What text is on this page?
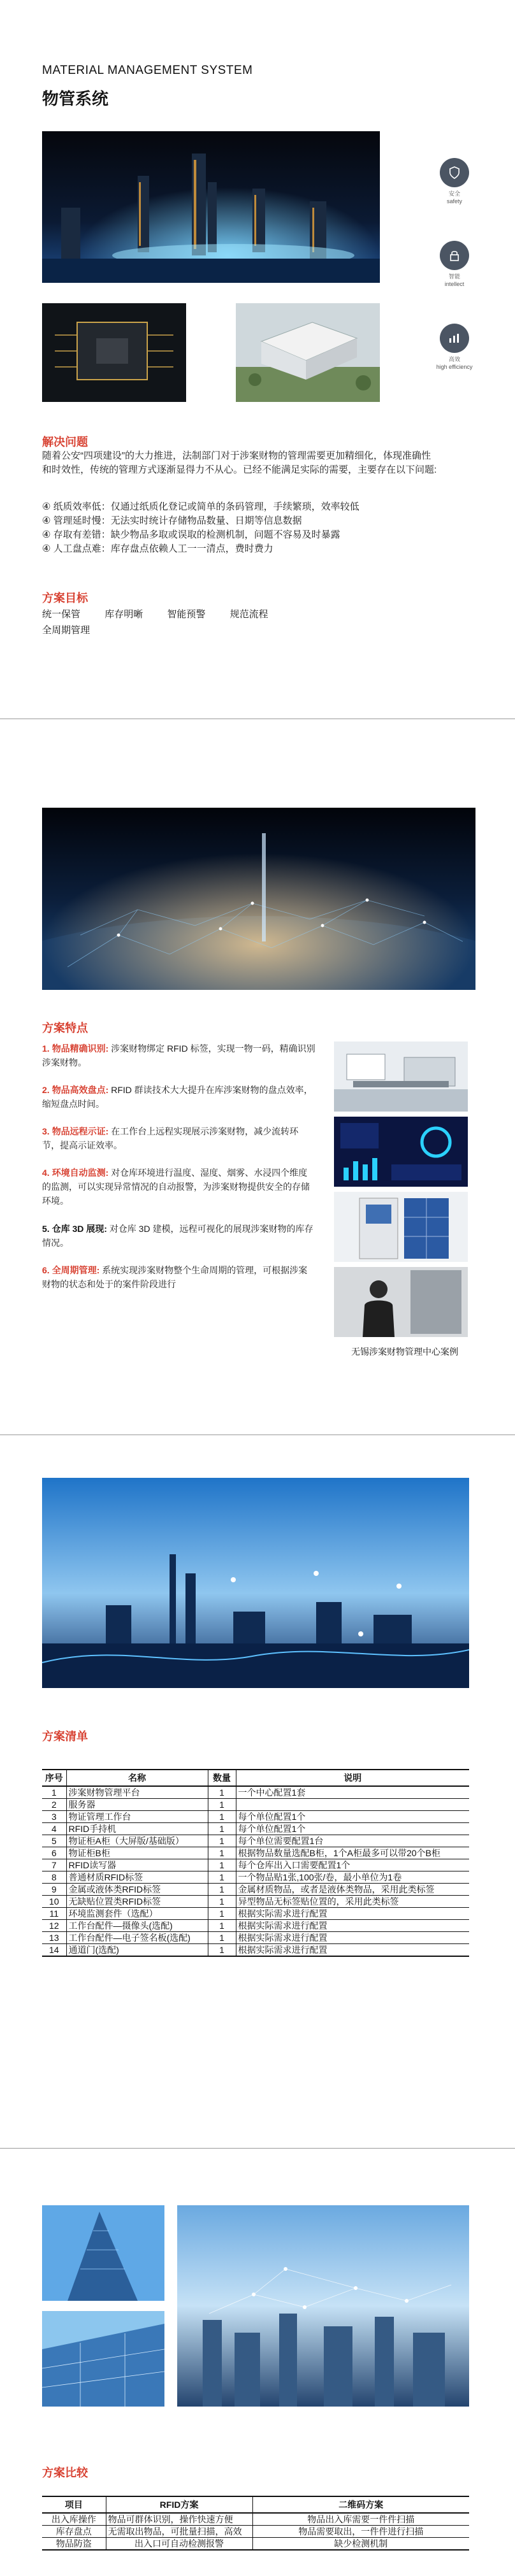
MATERIAL MANAGEMENT SYSTEM
物管系统
安全
safety
智能
intellect
高效
high efficiency
解决问题
随着公安“四项建设”的大力推进，法制部门对于涉案财物的管理需要更加精细化，体现准确性和时效性，传统的管理方式逐渐显得力不从心。已经不能满足实际的需要，主要存在以下问题:
④ 纸质效率低：仅通过纸质化登记或简单的条码管理，手续繁琐，效率较低
④ 管理延时慢：无法实时统计存储物品数量、日期等信息数据
④ 存取有差错：缺少物品多取或误取的检测机制，问题不容易及时暴露
④ 人工盘点难：库存盘点依赖人工一一清点，费时费力
方案目标
统一保管	库存明晰	智能预警	规范流程
全周期管理
方案特点
1. 物品精确识别: 涉案财物绑定 RFID 标签，实现一物一码，精确识别涉案财物。
2. 物品高效盘点: RFID 群读技术大大提升在库涉案财物的盘点效率，缩短盘点时间。
3. 物品远程示证: 在工作台上远程实现展示涉案财物，减少流转环节，提高示证效率。
4. 环境自动监测: 对仓库环境进行温度、湿度、烟雾、水浸四个维度的监测，可以实现异常情况的自动报警，为涉案财物提供安全的存储环境。
5. 仓库 3D 展现: 对仓库 3D 建模，远程可视化的展现涉案财物的库存情况。
6. 全周期管理: 系统实现涉案财物整个生命周期的管理，可根据涉案财物的状态和处于的案件阶段进行
无锡涉案财物管理中心案例
方案清单
序号	名称	数量	说明
1	涉案财物管理平台	1	一个中心配置1套
2	服务器	1	
3	物证管理工作台	1	每个单位配置1个
4	RFID手持机	1	每个单位配置1个
5	物证柜A柜（大屏版/基础版）	1	每个单位需要配置1台
6	物证柜B柜	1	根据物品数量选配B柜，1个A柜最多可以带20个B柜
7	RFID读写器	1	每个仓库出入口需要配置1个
8	普通材质RFID标签	1	一个物品贴1张,100张/卷，最小单位为1卷
9	金属或液体类RFID标签	1	金属材质物品，或者是液体类物品，采用此类标签
10	无缺贴位置类RFID标签	1	异型物品无标签贴位置的，采用此类标签
11	环境监测套件（选配）	1	根据实际需求进行配置
12	工作台配件—摄像头(选配)	1	根据实际需求进行配置
13	工作台配件—电子签名板(选配)	1	根据实际需求进行配置
14	通道门(选配)	1	根据实际需求进行配置
方案比较
项目	RFID方案	二维码方案
出入库操作	物品可群体识别，操作快速方便	物品出入库需要一件件扫描
库存盘点	无需取出物品，可批量扫描，高效	物品需要取出，一件件进行扫描
物品防盗	出入口可自动检测报警	缺少检测机制
